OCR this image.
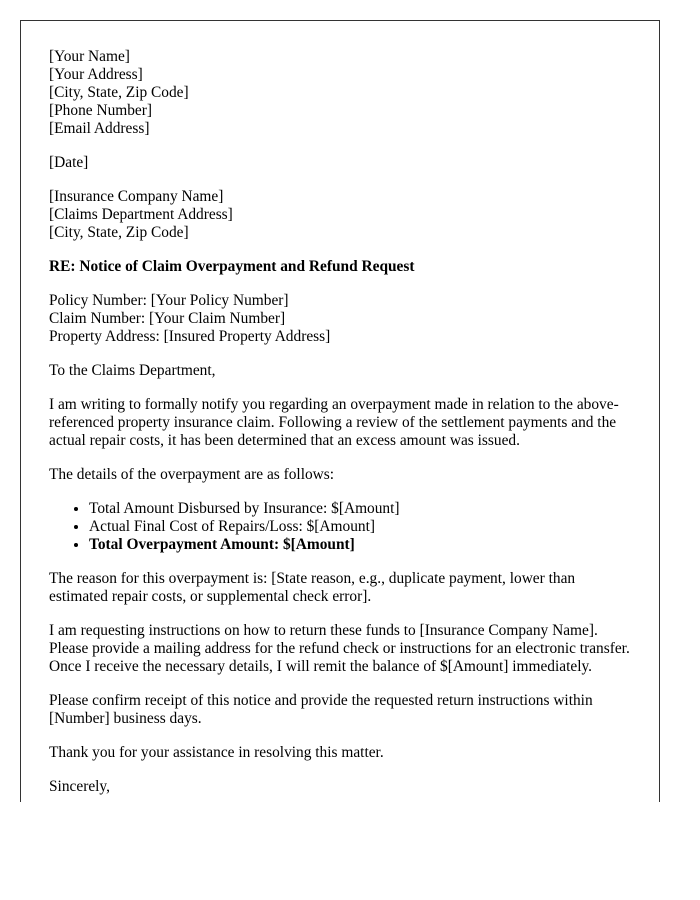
[Your Name]
[Your Address]
[City, State, Zip Code]
[Phone Number]
[Email Address]

[Date]

[Insurance Company Name]
[Claims Department Address]
[City, State, Zip Code]

RE: Notice of Claim Overpayment and Refund Request

Policy Number: [Your Policy Number]
Claim Number: [Your Claim Number]
Property Address: [Insured Property Address]

To the Claims Department,

I am writing to formally notify you regarding an overpayment made in relation to the above-referenced property insurance claim. Following a review of the settlement payments and the actual repair costs, it has been determined that an excess amount was issued.

The details of the overpayment are as follows:

• Total Amount Disbursed by Insurance: $[Amount]
• Actual Final Cost of Repairs/Loss: $[Amount]
• Total Overpayment Amount: $[Amount]

The reason for this overpayment is: [State reason, e.g., duplicate payment, lower than estimated repair costs, or supplemental check error].

I am requesting instructions on how to return these funds to [Insurance Company Name]. Please provide a mailing address for the refund check or instructions for an electronic transfer. Once I receive the necessary details, I will remit the balance of $[Amount] immediately.

Please confirm receipt of this notice and provide the requested return instructions within [Number] business days.

Thank you for your assistance in resolving this matter.

Sincerely,
